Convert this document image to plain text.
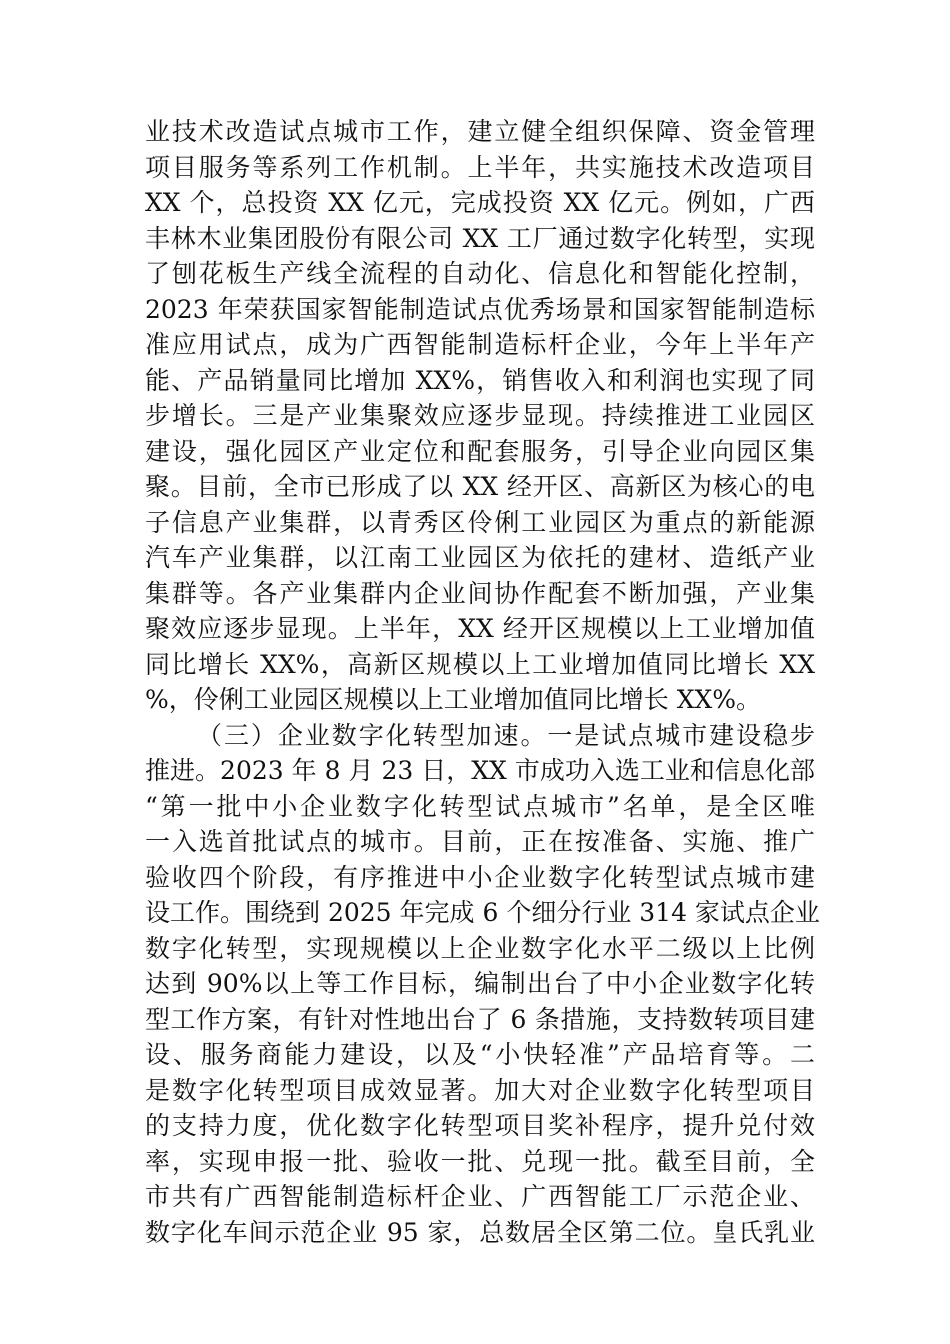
业技术改造试点城市工作，建立健全组织保障、资金管理
项目服务等系列工作机制。上半年，共实施技术改造项目
XX 个，总投资 XX 亿元，完成投资 XX 亿元。例如，广西
丰林木业集团股份有限公司 XX 工厂通过数字化转型，实现
了刨花板生产线全流程的自动化、信息化和智能化控制，
2023 年荣获国家智能制造试点优秀场景和国家智能制造标
准应用试点，成为广西智能制造标杆企业，今年上半年产
能、产品销量同比增加 XX%，销售收入和利润也实现了同
步增长。三是产业集聚效应逐步显现。持续推进工业园区
建设，强化园区产业定位和配套服务，引导企业向园区集
聚。目前，全市已形成了以 XX 经开区、高新区为核心的电
子信息产业集群，以青秀区伶俐工业园区为重点的新能源
汽车产业集群，以江南工业园区为依托的建材、造纸产业
集群等。各产业集群内企业间协作配套不断加强，产业集
聚效应逐步显现。上半年，XX 经开区规模以上工业增加值
同比增长 XX%，高新区规模以上工业增加值同比增长 XX
%，伶俐工业园区规模以上工业增加值同比增长 XX%。
（三）企业数字化转型加速。一是试点城市建设稳步
推进。2023 年 8 月 23 日，XX 市成功入选工业和信息化部
“第一批中小企业数字化转型试点城市”名单，是全区唯
一入选首批试点的城市。目前，正在按准备、实施、推广
验收四个阶段，有序推进中小企业数字化转型试点城市建
设工作。围绕到 2025 年完成 6 个细分行业 314 家试点企业
数字化转型，实现规模以上企业数字化水平二级以上比例
达到 90%以上等工作目标，编制出台了中小企业数字化转
型工作方案，有针对性地出台了 6 条措施，支持数转项目建
设、服务商能力建设，以及“小快轻准”产品培育等。二
是数字化转型项目成效显著。加大对企业数字化转型项目
的支持力度，优化数字化转型项目奖补程序，提升兑付效
率，实现申报一批、验收一批、兑现一批。截至目前，全
市共有广西智能制造标杆企业、广西智能工厂示范企业、
数字化车间示范企业 95 家，总数居全区第二位。皇氏乳业
